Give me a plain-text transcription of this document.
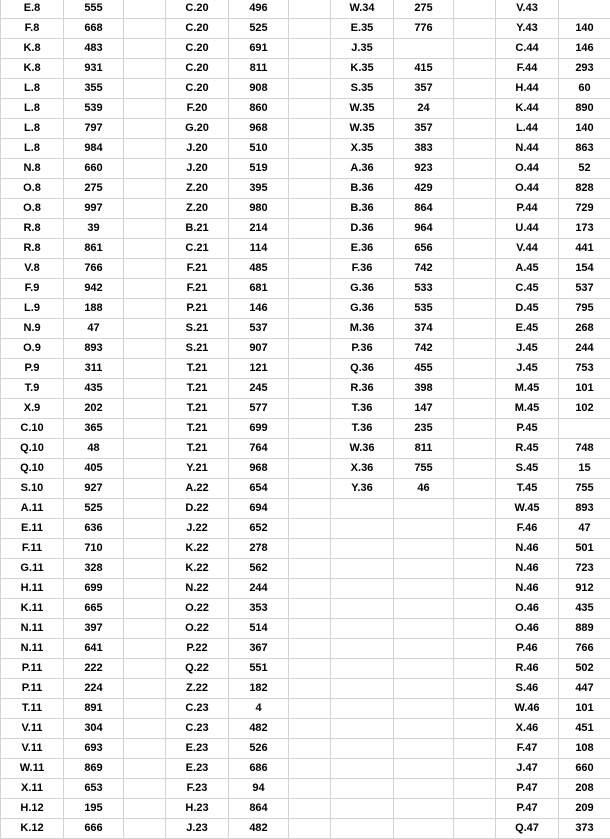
E.8	555		C.20	496		W.34	275		V.43	
F.8	668		C.20	525		E.35	776		Y.43	140
K.8	483		C.20	691		J.35			C.44	146
K.8	931		C.20	811		K.35	415		F.44	293
L.8	355		C.20	908		S.35	357		H.44	60
L.8	539		F.20	860		W.35	24		K.44	890
L.8	797		G.20	968		W.35	357		L.44	140
L.8	984		J.20	510		X.35	383		N.44	863
N.8	660		J.20	519		A.36	923		O.44	52
O.8	275		Z.20	395		B.36	429		O.44	828
O.8	997		Z.20	980		B.36	864		P.44	729
R.8	39		B.21	214		D.36	964		U.44	173
R.8	861		C.21	114		E.36	656		V.44	441
V.8	766		F.21	485		F.36	742		A.45	154
F.9	942		F.21	681		G.36	533		C.45	537
L.9	188		P.21	146		G.36	535		D.45	795
N.9	47		S.21	537		M.36	374		E.45	268
O.9	893		S.21	907		P.36	742		J.45	244
P.9	311		T.21	121		Q.36	455		J.45	753
T.9	435		T.21	245		R.36	398		M.45	101
X.9	202		T.21	577		T.36	147		M.45	102
C.10	365		T.21	699		T.36	235		P.45	
Q.10	48		T.21	764		W.36	811		R.45	748
Q.10	405		Y.21	968		X.36	755		S.45	15
S.10	927		A.22	654		Y.36	46		T.45	755
A.11	525		D.22	694					W.45	893
E.11	636		J.22	652					F.46	47
F.11	710		K.22	278					N.46	501
G.11	328		K.22	562					N.46	723
H.11	699		N.22	244					N.46	912
K.11	665		O.22	353					O.46	435
N.11	397		O.22	514					O.46	889
N.11	641		P.22	367					P.46	766
P.11	222		Q.22	551					R.46	502
P.11	224		Z.22	182					S.46	447
T.11	891		C.23	4					W.46	101
V.11	304		C.23	482					X.46	451
V.11	693		E.23	526					F.47	108
W.11	869		E.23	686					J.47	660
X.11	653		F.23	94					P.47	208
H.12	195		H.23	864					P.47	209
K.12	666		J.23	482					Q.47	373
